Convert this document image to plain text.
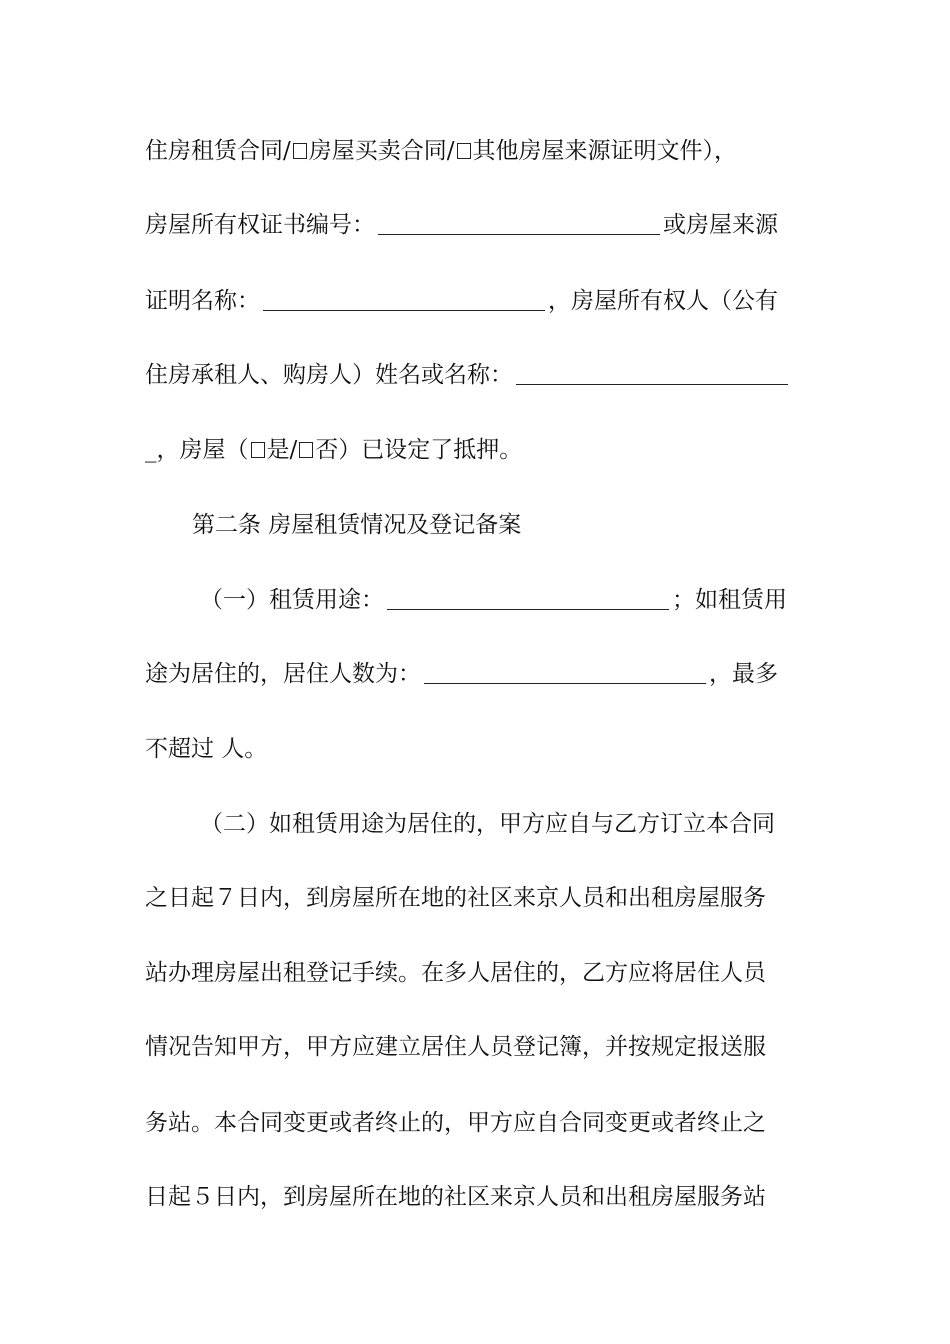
住房租赁合同/ 房屋买卖合同/ 其他房屋来源证明文件），
房屋所有权证书编号：	或房屋来源
证明名称：	，房屋所有权人（公有
住房承租人、购房人）姓名或名称：
_，房屋（ 是/ 否）已设定了抵押。
第二条 房屋租赁情况及登记备案
（一）租赁用途：	；如租赁用
途为居住的，居住人数为：	，最多
不超过 人。
（二）如租赁用途为居住的，甲方应自与乙方订立本合同
之日起７日内，到房屋所在地的社区来京人员和出租房屋服务
站办理房屋出租登记手续。在多人居住的，乙方应将居住人员
情况告知甲方，甲方应建立居住人员登记簿，并按规定报送服
务站。本合同变更或者终止的，甲方应自合同变更或者终止之
日起５日内，到房屋所在地的社区来京人员和出租房屋服务站
